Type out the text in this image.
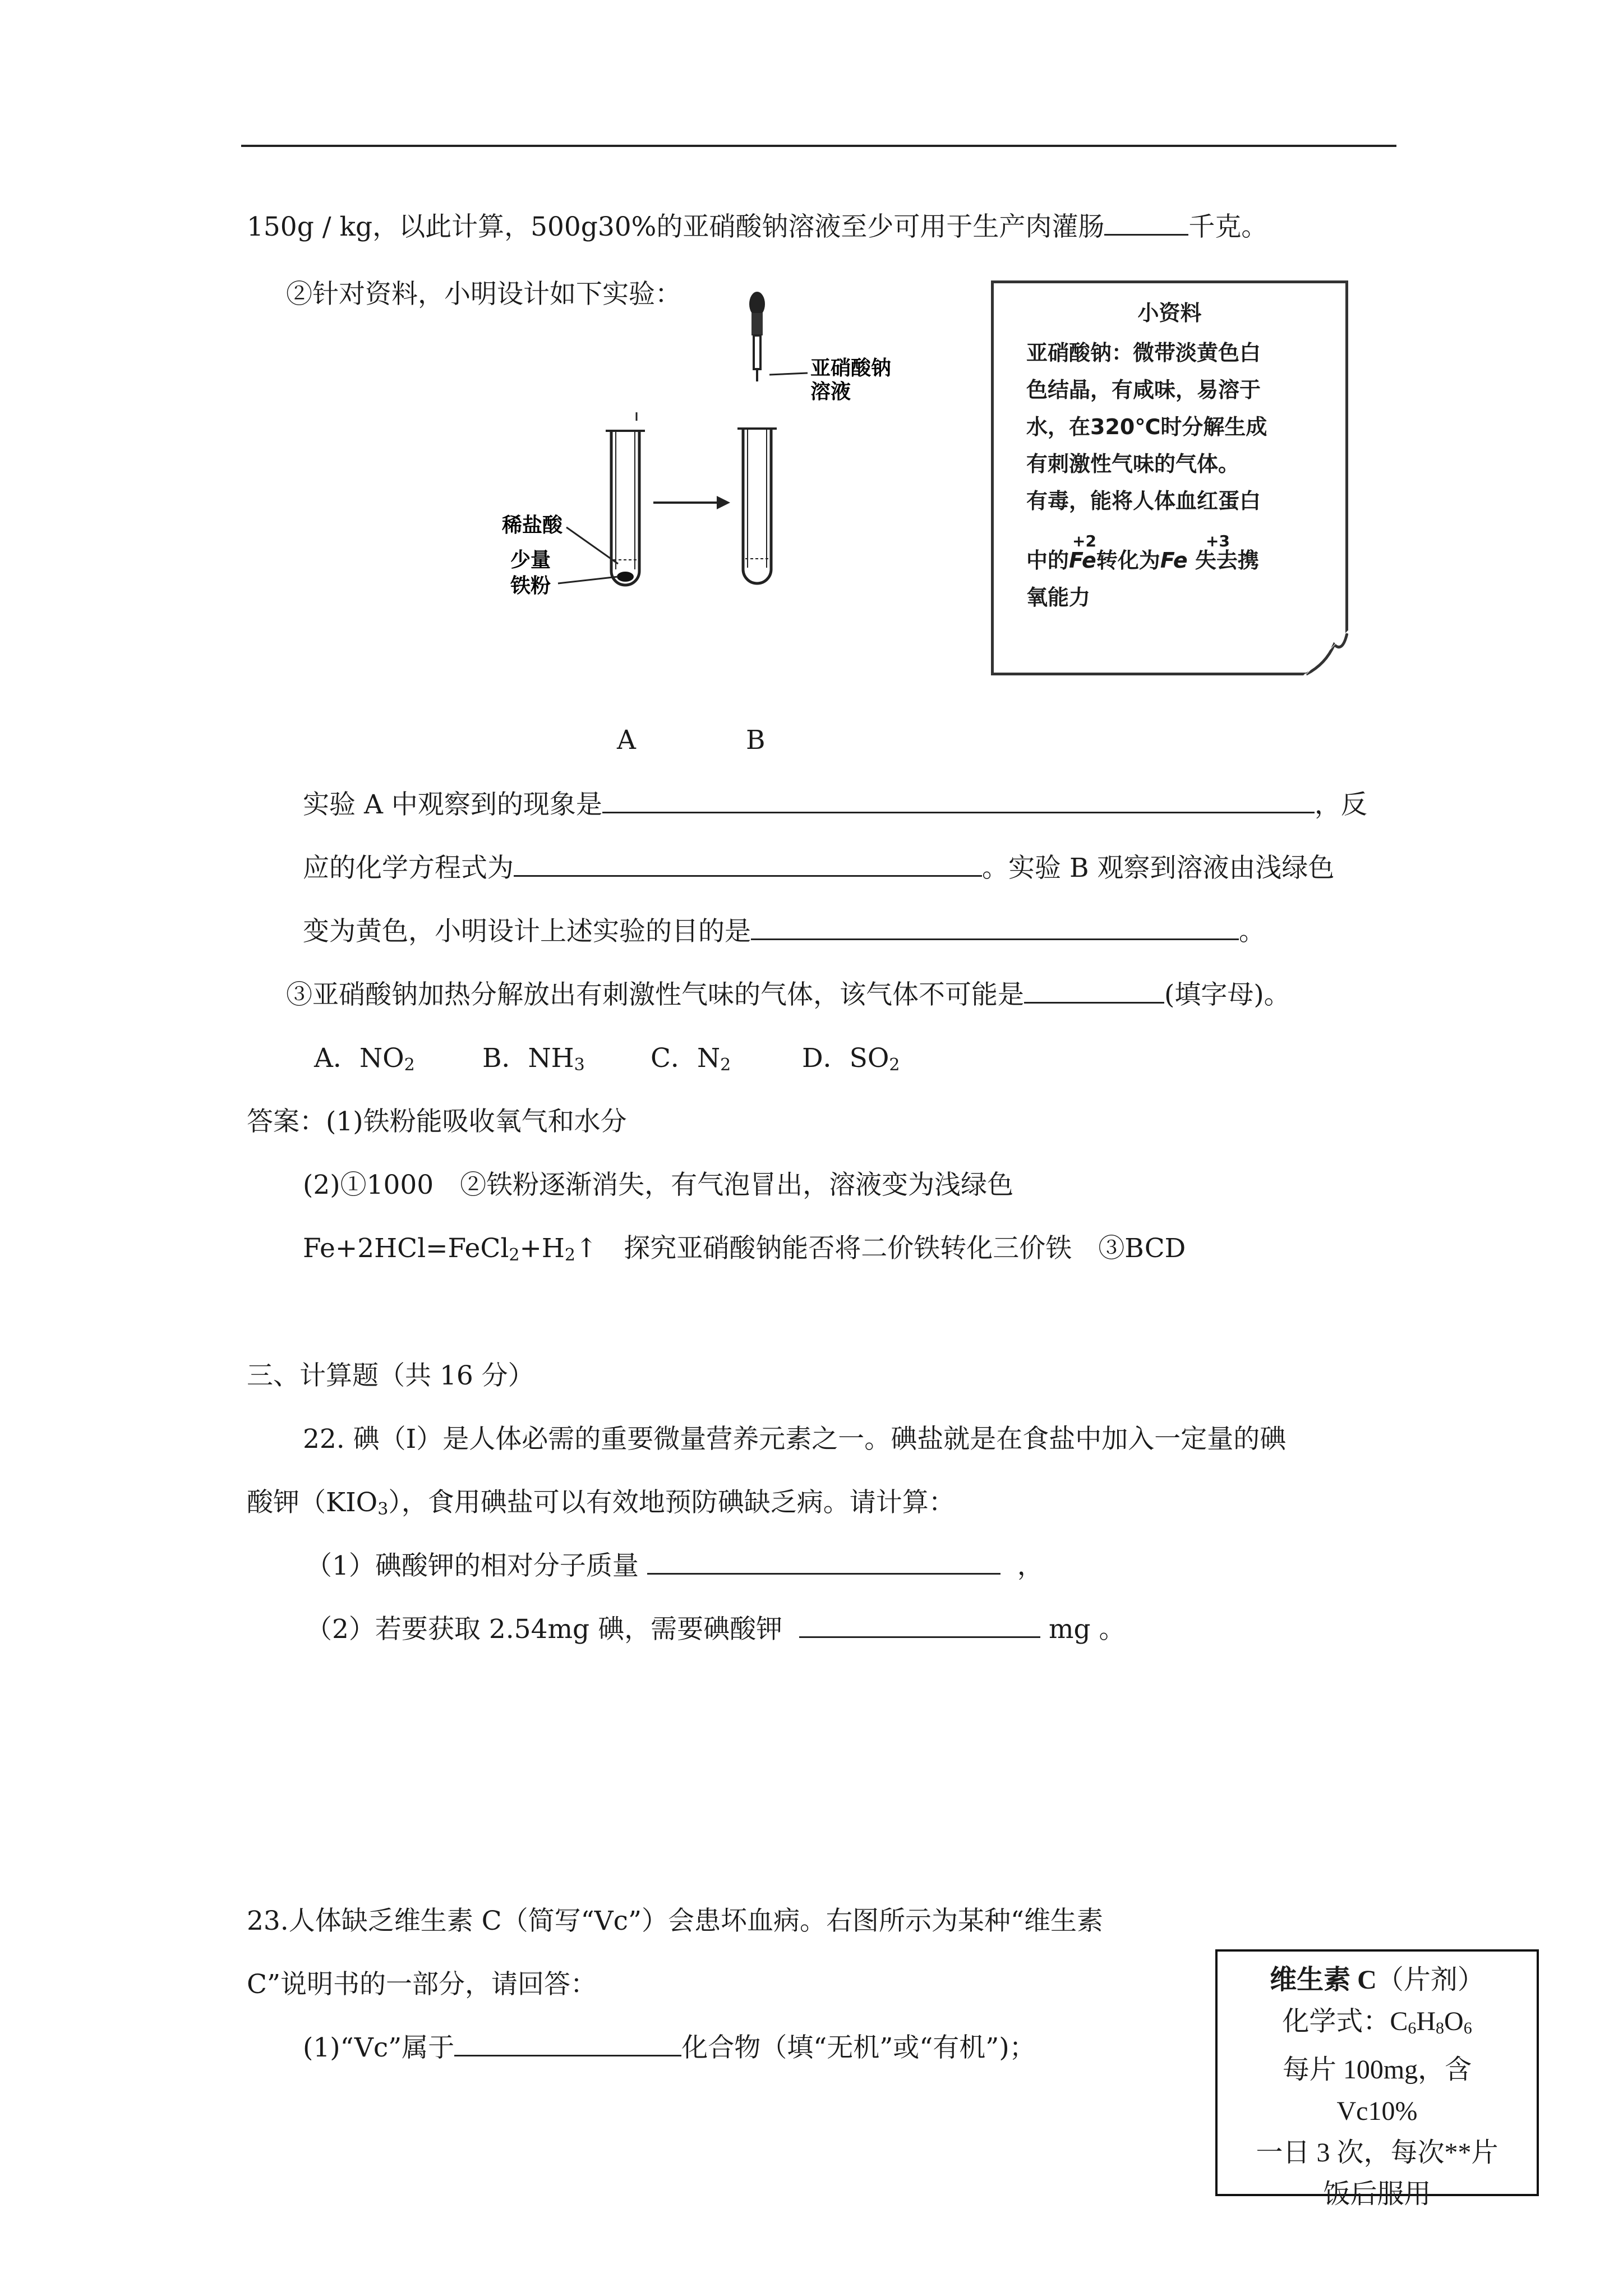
150g / kg，以此计算，500g30%的亚硝酸钠溶液至少可用于生产肉灌肠	千克。
②针对资料，小明设计如下实验：
亚硝酸钠
溶液
稀盐酸
少量
铁粉
小资料
亚硝酸钠：微带淡黄色白
色结晶，有咸味，易溶于
水，在320℃时分解生成
有刺激性气味的气体。
有毒，能将人体血红蛋白
+2	+3
中的Fe转化为Fe 失去携
氧能力
A	B
实验 A 中观察到的现象是	，反
应的化学方程式为	。实验 B 观察到溶液由浅绿色
变为黄色，小明设计上述实验的目的是	。
③亚硝酸钠加热分解放出有刺激性气味的气体，该气体不可能是	(填字母)。
A．$NO_2$	B．$NH_3$ C．$N_2$	D．$SO_2$
答案：(1)铁粉能吸收氧气和水分
(2)①1000　②铁粉逐渐消失，有气泡冒出，溶液变为浅绿色
$Fe+2HCl=FeCl_2+H_2↑$　探究亚硝酸钠能否将二价铁转化三价铁　③BCD
三、计算题（共 16 分）
22. 碘（I）是人体必需的重要微量营养元素之一。碘盐就是在食盐中加入一定量的碘
酸钾$(KIO_3)$，食用碘盐可以有效地预防碘缺乏病。请计算：
（1）碘酸钾的相对分子质量	，
（2）若要获取 2.54mg 碘，需要碘酸钾	mg 。
23.人体缺乏维生素 C（简写“Vc”）会患坏血病。右图所示为某种“维生素
C”说明书的一部分，请回答：
(1)“Vc”属于	化合物（填“无机”或“有机”)；
维生素 C（片剂）
化学式：$C_6H_8O_6$
每片 100mg，含
Vc10%
一日 3 次，每次**片
饭后服用
